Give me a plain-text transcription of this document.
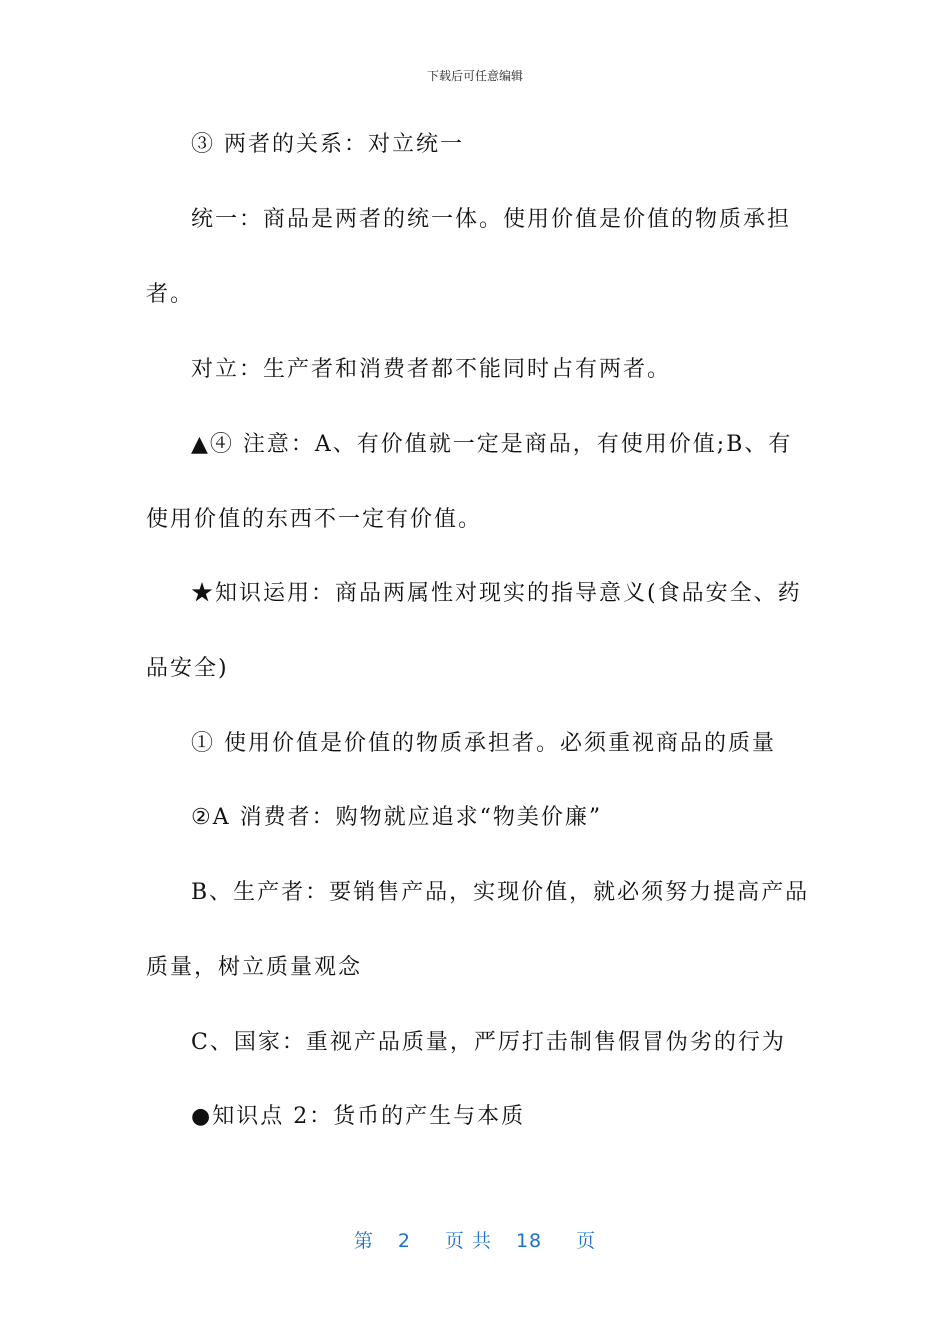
下载后可任意编辑
③ 两者的关系：对立统一
统一：商品是两者的统一体。使用价值是价值的物质承担
者。
对立：生产者和消费者都不能同时占有两者。
▲④ 注意：A、有价值就一定是商品，有使用价值;B、有
使用价值的东西不一定有价值。
★知识运用：商品两属性对现实的指导意义(食品安全、药
品安全)
① 使用价值是价值的物质承担者。必须重视商品的质量
②A 消费者：购物就应追求“物美价廉”
B、生产者：要销售产品，实现价值，就必须努力提高产品
质量，树立质量观念
C、国家：重视产品质量，严厉打击制售假冒伪劣的行为
●知识点 2：货币的产生与本质
第 2 页 共 18 页
